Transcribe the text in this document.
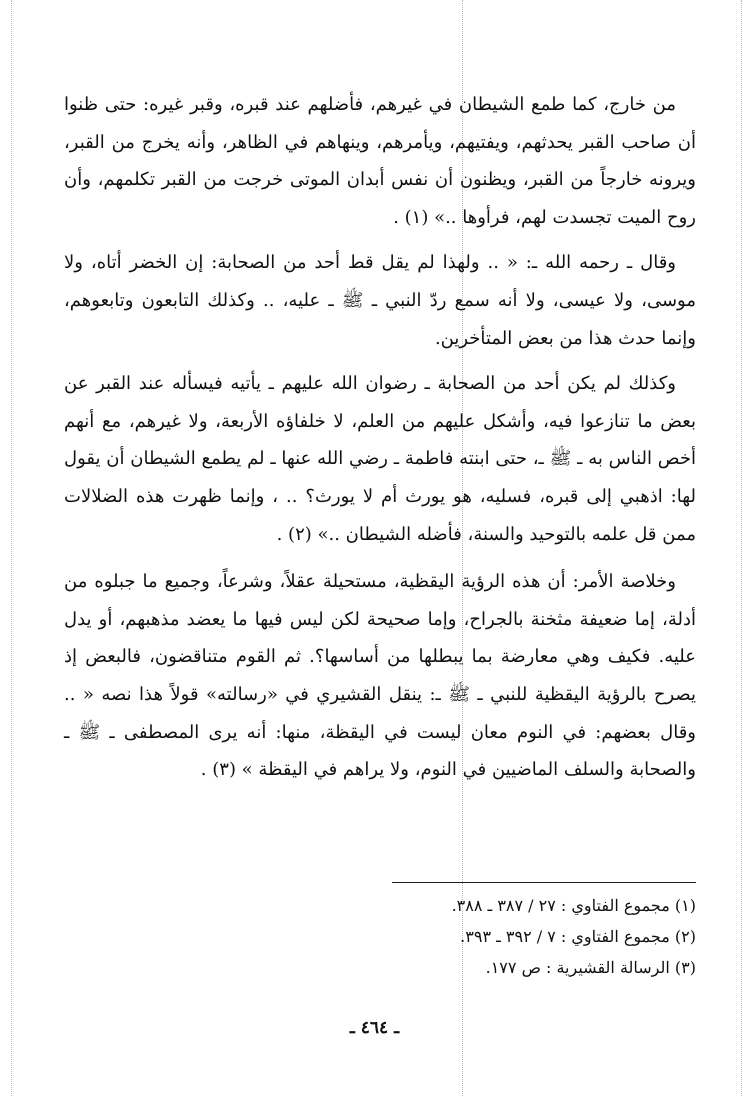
من خارج، كما طمع الشيطان في غيرهم، فأضلهم عند قبره، وقبر غيره: حتى ظنوا أن صاحب القبر يحدثهم، ويفتيهم، ويأمرهم، وينهاهم في الظاهر، وأنه يخرج من القبر، ويرونه خارجاً من القبر، ويظنون أن نفس أبدان الموتى خرجت من القبر تكلمهم، وأن روح الميت تجسدت لهم، فرأوها ..» (١) .

وقال ـ رحمه الله ـ: « .. ولهذا لم يقل قط أحد من الصحابة: إن الخضر أتاه، ولا موسى، ولا عيسى، ولا أنه سمع ردّ النبي ـ ﷺ ـ عليه، .. وكذلك التابعون وتابعوهم، وإنما حدث هذا من بعض المتأخرين.

وكذلك لم يكن أحد من الصحابة ـ رضوان الله عليهم ـ يأتيه فيسأله عند القبر عن بعض ما تنازعوا فيه، وأشكل عليهم من العلم، لا خلفاؤه الأربعة، ولا غيرهم، مع أنهم أخص الناس به ـ ﷺ ـ، حتى ابنته فاطمة ـ رضي الله عنها ـ لم يطمع الشيطان أن يقول لها: اذهبي إلى قبره، فسليه، هو يورث أم لا يورث؟ .. ، وإنما ظهرت هذه الضلالات ممن قل علمه بالتوحيد والسنة، فأضله الشيطان ..» (٢) .

وخلاصة الأمر: أن هذه الرؤية اليقظية، مستحيلة عقلاً، وشرعاً، وجميع ما جبلوه من أدلة، إما ضعيفة مثخنة بالجراح، وإما صحيحة لكن ليس فيها ما يعضد مذهبهم، أو يدل عليه. فكيف وهي معارضة بما يبطلها من أساسها؟. ثم القوم متناقضون، فالبعض إذ يصرح بالرؤية اليقظية للنبي ـ ﷺ ـ: ينقل القشيري في «رسالته» قولاً هذا نصه « .. وقال بعضهم: في النوم معان ليست في اليقظة، منها: أنه يرى المصطفى ـ ﷺ ـ والصحابة والسلف الماضيين في النوم، ولا يراهم في اليقظة » (٣) .

(١) مجموع الفتاوي : ٢٧ / ٣٨٧ ـ ٣٨٨.

(٢) مجموع الفتاوي : ٧ / ٣٩٢ ـ ٣٩٣.

(٣) الرسالة القشيرية : ص ١٧٧.

ـ ٤٦٤ ـ
